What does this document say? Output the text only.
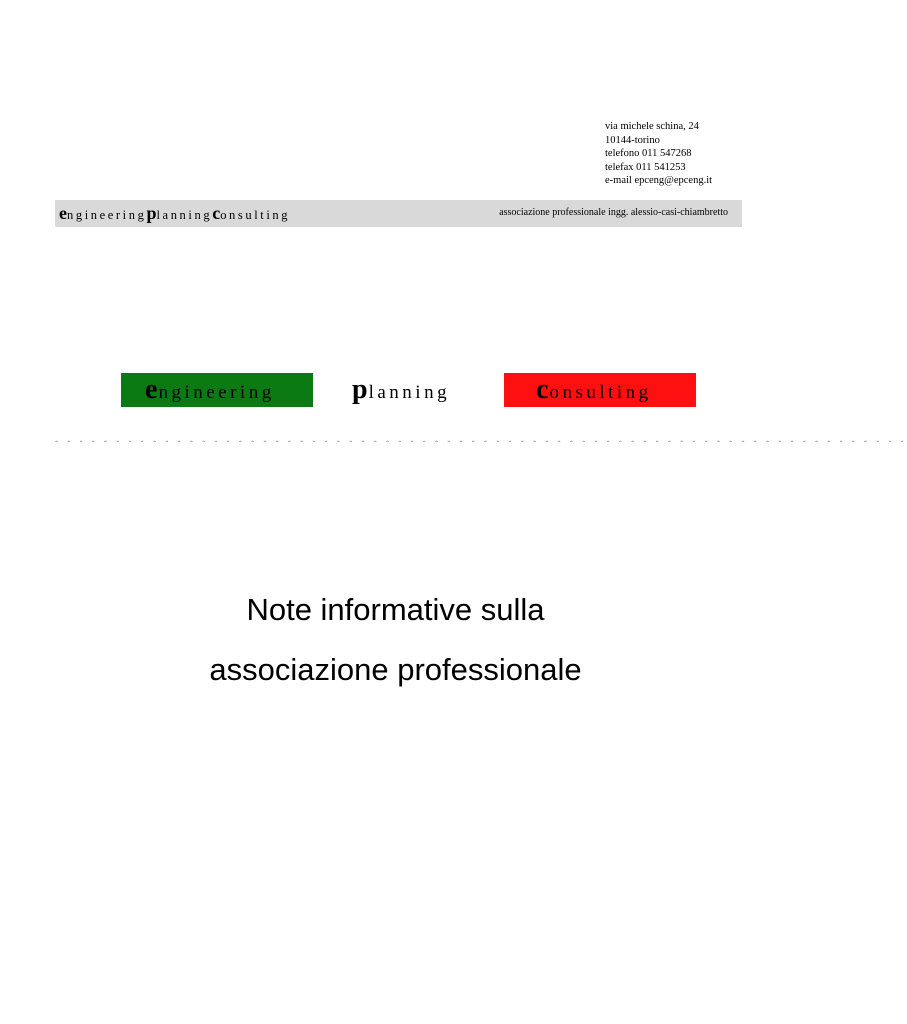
via michele schina, 24
10144-torino
telefono 011 547268
telefax 011 541253
e-mail epceng@epceng.it
engineeringplanningconsulting	associazione professionale ingg. alessio-casi-chiambretto
engineering	planning	consulting
ꞈ ꞈ ꞈ ꞈ ꞈ ꞈ ꞈ ꞈ ꞈ ꞈ ꞈ ꞈ ꞈ ꞈ ꞈ ꞈ ꞈ ꞈ ꞈ ꞈ ꞈ ꞈ ꞈ ꞈ ꞈ ꞈ ꞈ ꞈ ꞈ ꞈ ꞈ ꞈ ꞈ ꞈ ꞈ ꞈ ꞈ ꞈ ꞈ ꞈ ꞈ ꞈ ꞈ ꞈ ꞈ ꞈ ꞈ ꞈ ꞈ ꞈ ꞈ ꞈ ꞈ ꞈ ꞈ ꞈ ꞈ ꞈ ꞈ ꞈ ꞈ ꞈ ꞈ ꞈ ꞈ ꞈ ꞈ ꞈ ꞈ ꞈ
Note informative sulla
associazione professionale
